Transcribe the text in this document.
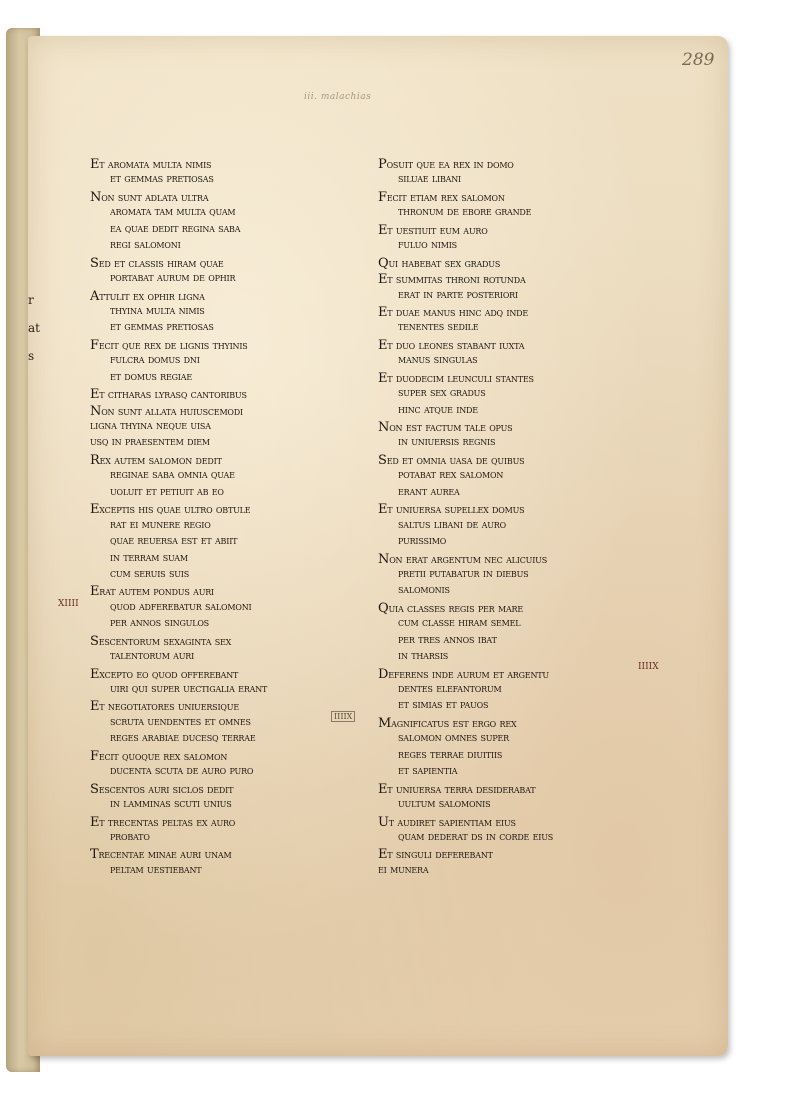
r
at
s
289
iii. malachias
XIIII
IIIIX
IIIIX
et aromata multa nimis
et gemmas pretiosas
non sunt adlata ultra
aromata tam multa quam
ea quae dedit regina saba
regi salomoni
sed et classis hiram quae
portabat aurum de ophir
attulit ex ophir ligna
thyina multa nimis
et gemmas pretiosas
fecit que rex de lignis thyinis
fulcra domus dni
et domus regiae
et citharas lyrasq cantoribus
non sunt allata huiuscemodi
ligna thyina neque uisa
usq in praesentem diem
rex autem salomon dedit
reginae saba omnia quae
uoluit et petiuit ab eo
exceptis his quae ultro obtule
rat ei munere regio
quae reuersa est et abiit
in terram suam
cum seruis suis
erat autem pondus auri
quod adferebatur salomoni
per annos singulos
sescentorum sexaginta sex
talentorum auri
excepto eo quod offerebant
uiri qui super uectigalia erant
et negotiatores uniuersique
scruta uendentes et omnes
reges arabiae ducesq terrae
fecit quoque rex salomon
ducenta scuta de auro puro
sescentos auri siclos dedit
in lamminas scuti unius
et trecentas peltas ex auro
probato
trecentae minae auri unam
peltam uestiebant
posuit que ea rex in domo
siluae libani
fecit etiam rex salomon
thronum de ebore grande
et uestiuit eum auro
fuluo nimis
qui habebat sex gradus
et summitas throni rotunda
erat in parte posteriori
et duae manus hinc adq inde
tenentes sedile
et duo leones stabant iuxta
manus singulas
et duodecim leunculi stantes
super sex gradus
hinc atque inde
non est factum tale opus
in uniuersis regnis
sed et omnia uasa de quibus
potabat rex salomon
erant aurea
et uniuersa supellex domus
saltus libani de auro
purissimo
non erat argentum nec alicuius
pretii putabatur in diebus
salomonis
quia classes regis per mare
cum classe hiram semel
per tres annos ibat
in tharsis
deferens inde aurum et argentu
dentes elefantorum
et simias et pauos
magnificatus est ergo rex
salomon omnes super
reges terrae diuitiis
et sapientia
et uniuersa terra desiderabat
uultum salomonis
ut audiret sapientiam eius
quam dederat ds in corde eius
et singuli deferebant
ei munera
